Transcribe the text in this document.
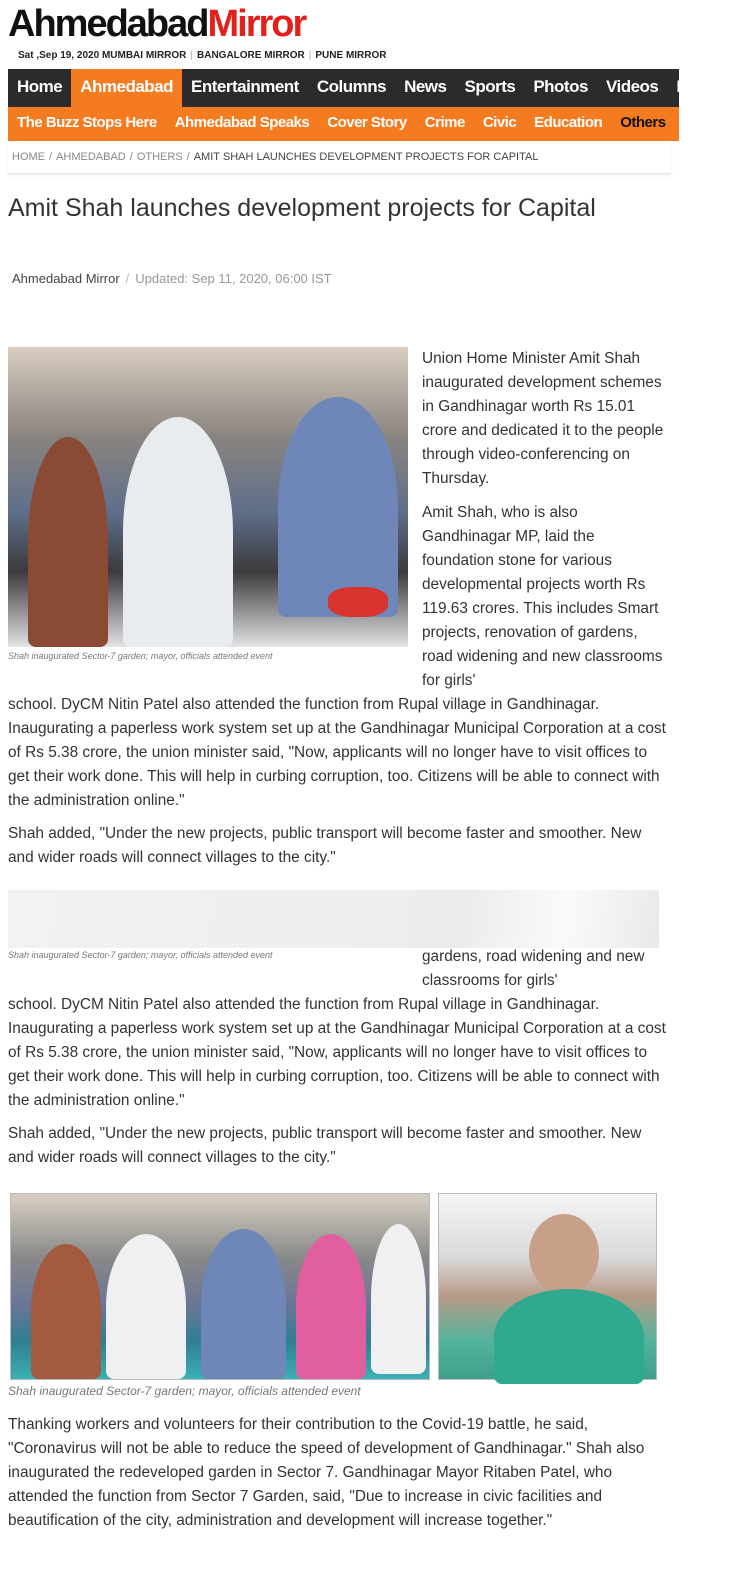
AhmedabadMirror
Sat ,Sep 19, 2020 MUMBAI MIRROR | BANGALORE MIRROR | PUNE MIRROR
Home Ahmedabad Entertainment Columns News Sports Photos Videos Lok
The Buzz Stops Here Ahmedabad Speaks Cover Story Crime Civic Education Others Gujara
HOME / AHMEDABAD / OTHERS / AMIT SHAH LAUNCHES DEVELOPMENT PROJECTS FOR CAPITAL
Amit Shah launches development projects for Capital
Ahmedabad Mirror / Updated: Sep 11, 2020, 06:00 IST
Shah inaugurated Sector-7 garden; mayor, officials attended event

Union Home Minister Amit Shah inaugurated development schemes in Gandhinagar worth Rs 15.01 crore and dedicated it to the people through video-conferencing on Thursday.

Amit Shah, who is also Gandhinagar MP, laid the foundation stone for various developmental projects worth Rs 119.63 crores. This includes Smart projects, renovation of gardens, road widening and new classrooms for girls'

school. DyCM Nitin Patel also attended the function from Rupal village in Gandhinagar. Inaugurating a paperless work system set up at the Gandhinagar Municipal Corporation at a cost of Rs 5.38 crore, the union minister said, "Now, applicants will no longer have to visit offices to get their work done. This will help in curbing corruption, too. Citizens will be able to connect with the administration online."

Shah added, "Under the new projects, public transport will become faster and smoother. New and wider roads will connect villages to the city."

Shah inaugurated Sector-7 garden; mayor, officials attended event	gardens, road widening and new classrooms for girls'

school. DyCM Nitin Patel also attended the function from Rupal village in Gandhinagar. Inaugurating a paperless work system set up at the Gandhinagar Municipal Corporation at a cost of Rs 5.38 crore, the union minister said, "Now, applicants will no longer have to visit offices to get their work done. This will help in curbing corruption, too. Citizens will be able to connect with the administration online."

Shah added, "Under the new projects, public transport will become faster and smoother. New and wider roads will connect villages to the city."

Shah inaugurated Sector-7 garden; mayor, officials attended event

Thanking workers and volunteers for their contribution to the Covid-19 battle, he said, "Coronavirus will not be able to reduce the speed of development of Gandhinagar." Shah also inaugurated the redeveloped garden in Sector 7. Gandhinagar Mayor Ritaben Patel, who attended the function from Sector 7 Garden, said, "Due to increase in civic facilities and beautification of the city, administration and development will increase together."
